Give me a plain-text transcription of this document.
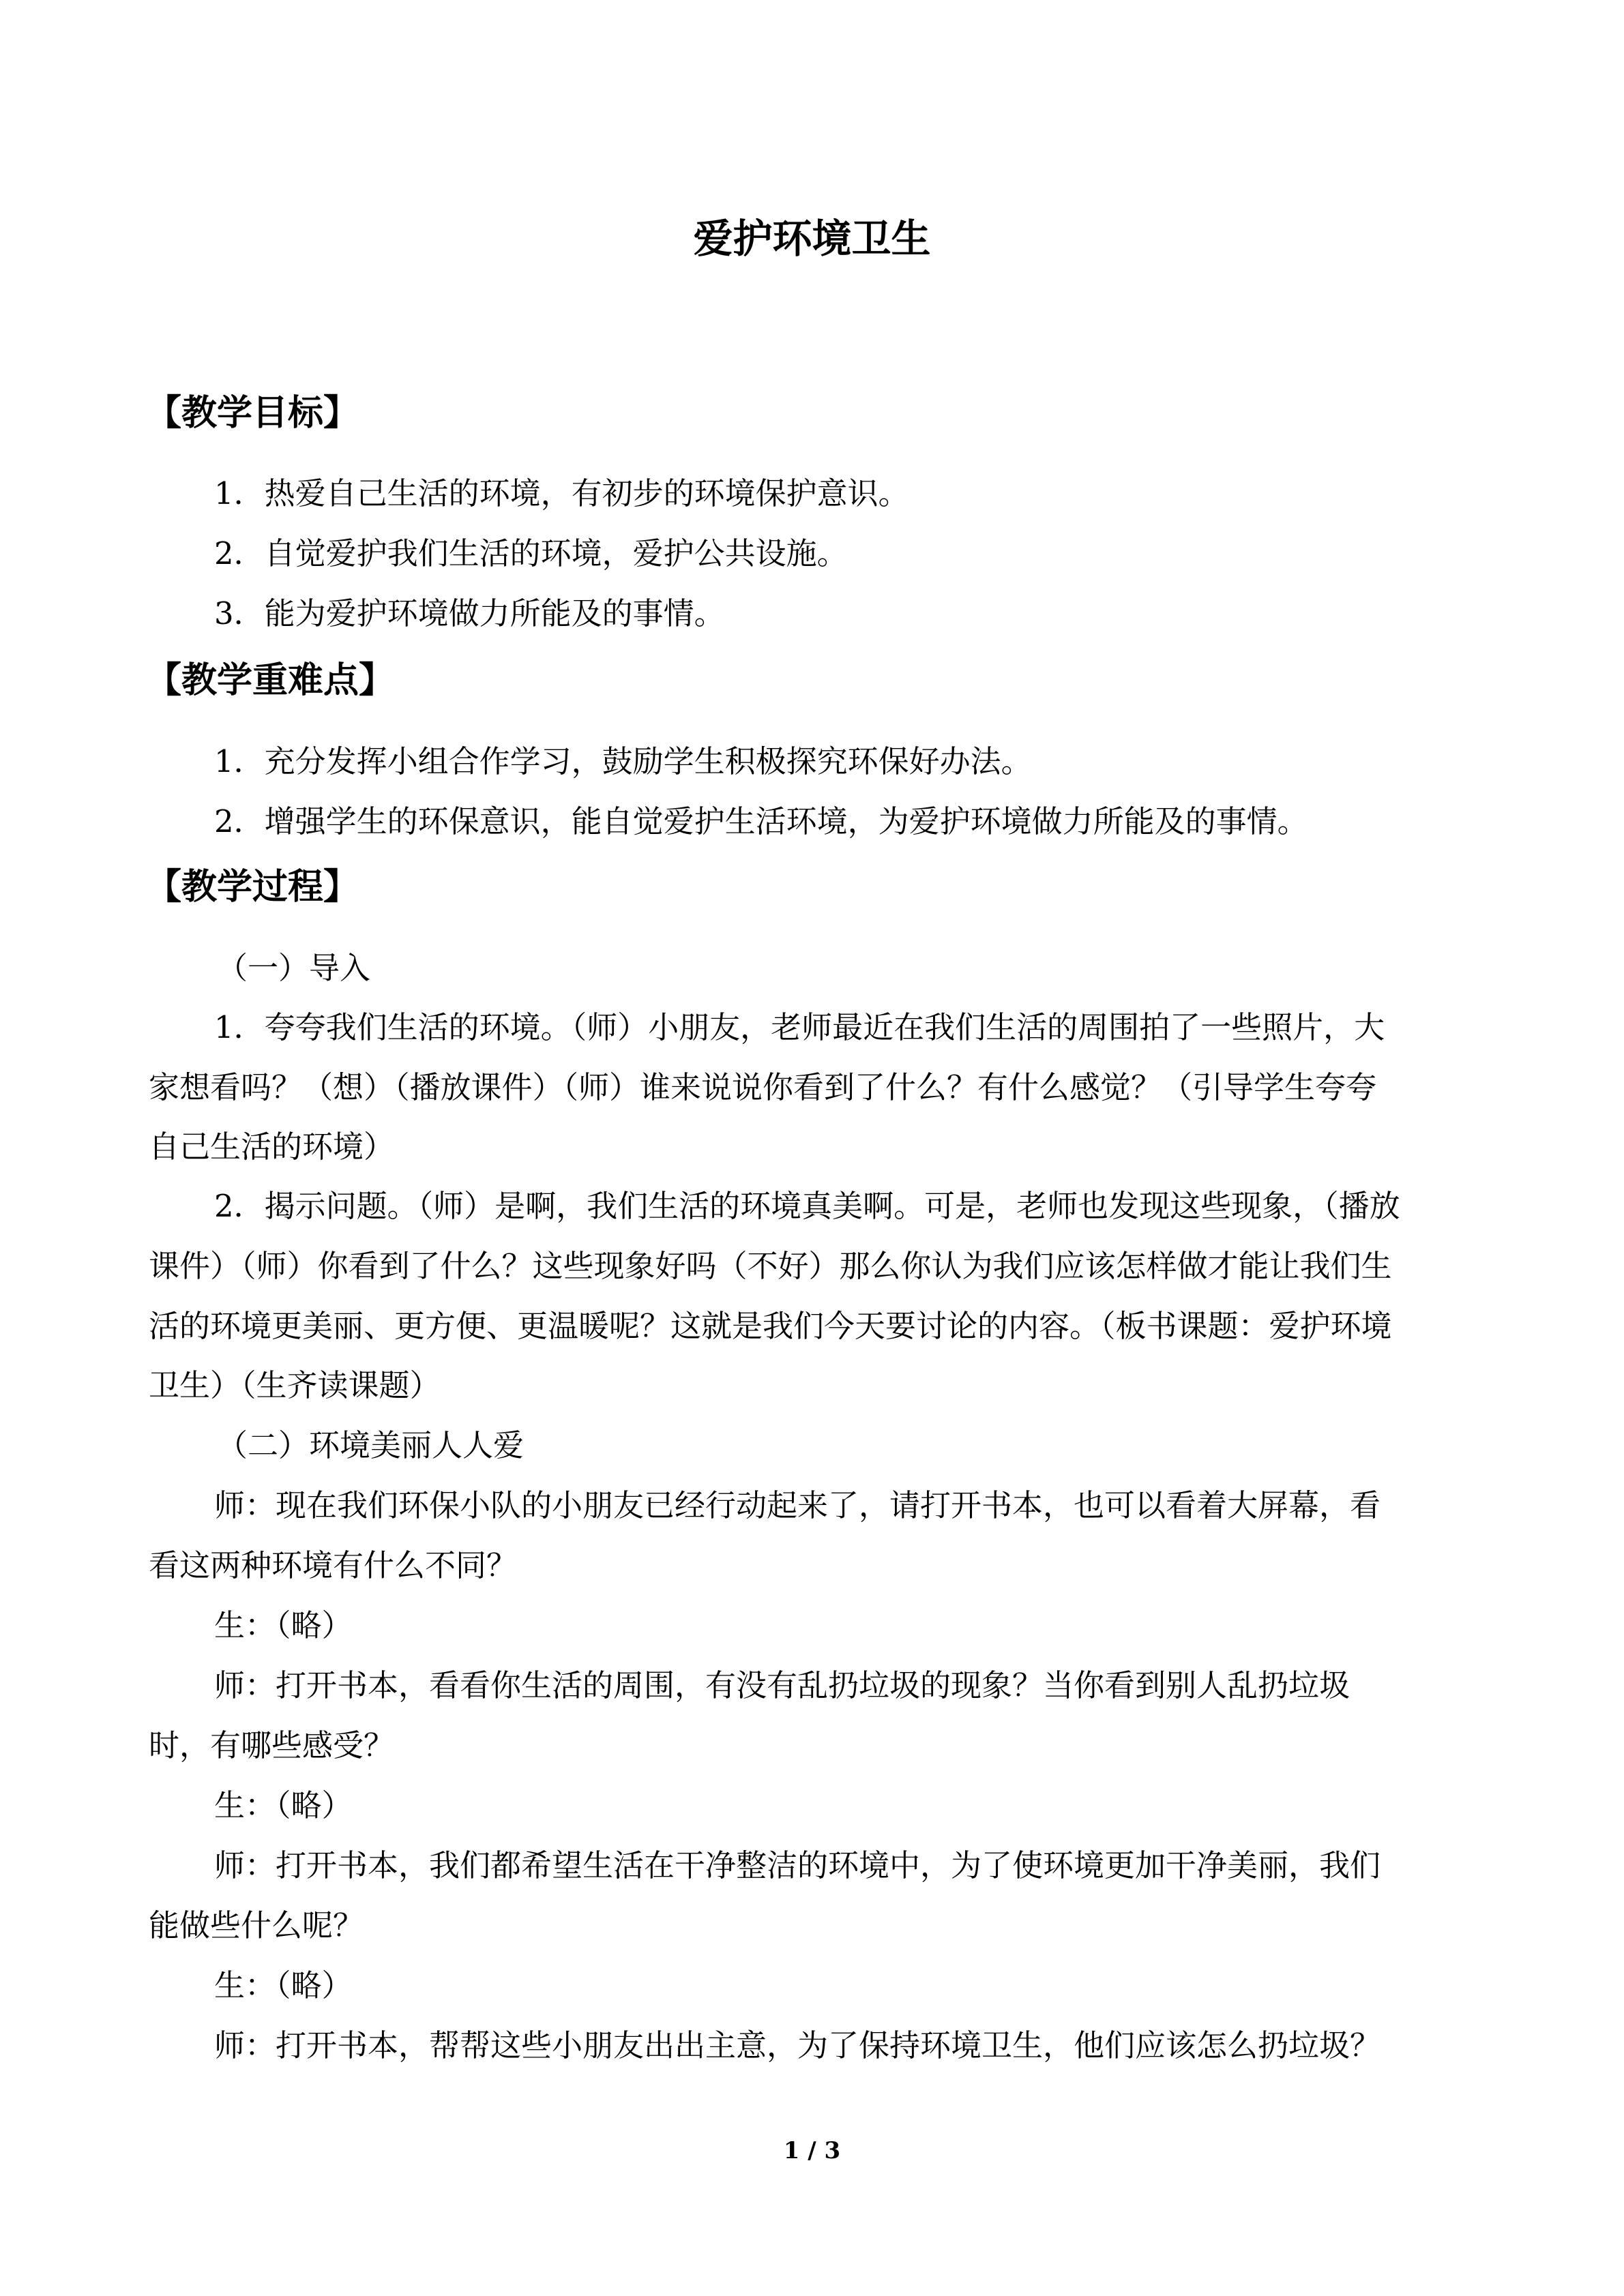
爱护环境卫生
【教学目标】
1．热爱自己生活的环境，有初步的环境保护意识。
2．自觉爱护我们生活的环境，爱护公共设施。
3．能为爱护环境做力所能及的事情。
【教学重难点】
1．充分发挥小组合作学习，鼓励学生积极探究环保好办法。
2．增强学生的环保意识，能自觉爱护生活环境，为爱护环境做力所能及的事情。
【教学过程】
（一）导入
1．夸夸我们生活的环境。（师）小朋友，老师最近在我们生活的周围拍了一些照片，大
家想看吗？（想）（播放课件）（师）谁来说说你看到了什么？有什么感觉？（引导学生夸夸
自己生活的环境）
2．揭示问题。（师）是啊，我们生活的环境真美啊。可是，老师也发现这些现象，（播放
课件）（师）你看到了什么？这些现象好吗（不好）那么你认为我们应该怎样做才能让我们生
活的环境更美丽、更方便、更温暖呢？这就是我们今天要讨论的内容。（板书课题：爱护环境
卫生）（生齐读课题）
（二）环境美丽人人爱
师：现在我们环保小队的小朋友已经行动起来了，请打开书本，也可以看着大屏幕，看
看这两种环境有什么不同？
生：（略）
师：打开书本，看看你生活的周围，有没有乱扔垃圾的现象？当你看到别人乱扔垃圾
时，有哪些感受？
生：（略）
师：打开书本，我们都希望生活在干净整洁的环境中，为了使环境更加干净美丽，我们
能做些什么呢？
生：（略）
师：打开书本，帮帮这些小朋友出出主意，为了保持环境卫生，他们应该怎么扔垃圾？
1 / 3
